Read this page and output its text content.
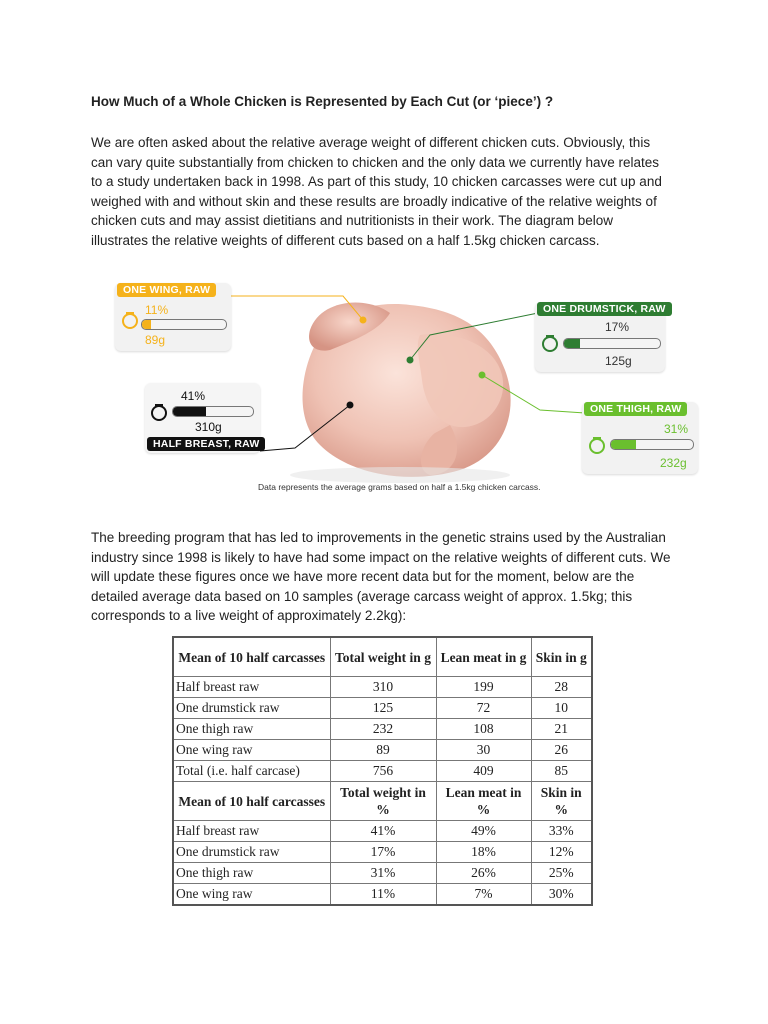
How Much of a Whole Chicken is Represented by Each Cut (or ‘piece’) ?

We are often asked about the relative average weight of different chicken cuts. Obviously, this can vary quite substantially from chicken to chicken and the only data we currently have relates to a study undertaken back in 1998. As part of this study, 10 chicken carcasses were cut up and weighed with and without skin and these results are broadly indicative of the relative weights of chicken cuts and may assist dietitians and nutritionists in their work. The diagram below illustrates the relative weights of different cuts based on a half 1.5kg chicken carcass.

ONE WING, RAW
11%
89g
ONE DRUMSTICK, RAW
17%
125g
41%
310g
HALF BREAST, RAW
ONE THIGH, RAW
31%
232g
Data represents the average grams based on half a 1.5kg chicken carcass.

The breeding program that has led to improvements in the genetic strains used by the Australian industry since 1998 is likely to have had some impact on the relative weights of different cuts. We will update these figures once we have more recent data but for the moment, below are the detailed average data based on 10 samples (average carcass weight of approx. 1.5kg; this corresponds to a live weight of approximately 2.2kg):

Mean of 10 half carcasses	Total weight in g	Lean meat in g	Skin in g
Half breast raw	310	199	28
One drumstick raw	125	72	10
One thigh raw	232	108	21
One wing raw	89	30	26
Total (i.e. half carcase)	756	409	85
Mean of 10 half carcasses	Total weight in %	Lean meat in %	Skin in %
Half breast raw	41%	49%	33%
One drumstick raw	17%	18%	12%
One thigh raw	31%	26%	25%
One wing raw	11%	7%	30%
